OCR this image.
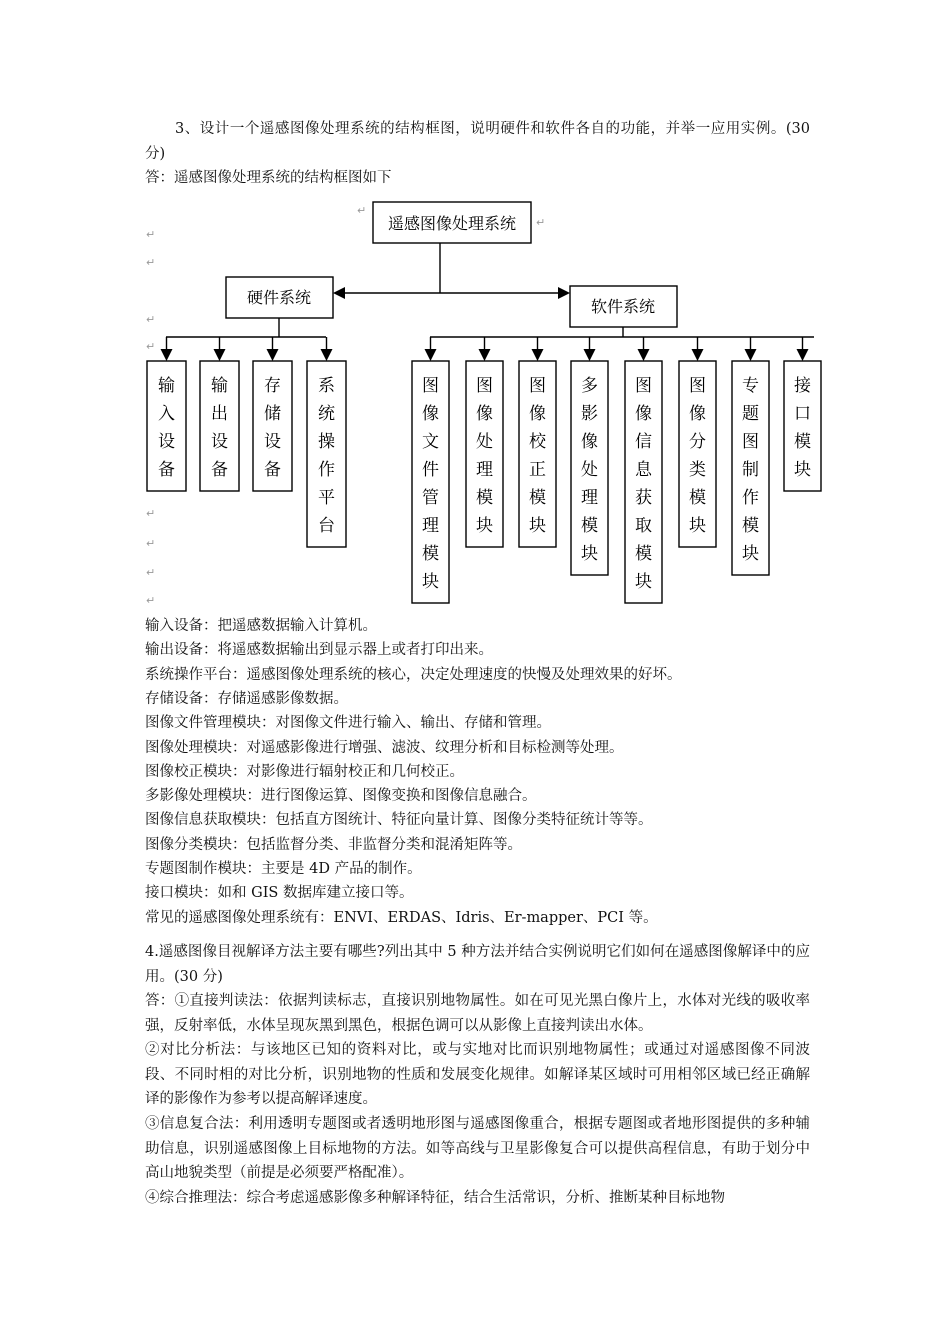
3、设计一个遥感图像处理系统的结构框图，说明硬件和软件各自的功能，并举一应用实例。(30 分)

答：遥感图像处理系统的结构框图如下

↵
↵
↵
↵
↵
↵
↵
↵
遥感图像处理系统
↵
↵
硬件系统	软件系统
输入设备
输出设备
存储设备
系统操作平台
图像文件管理模块
图像处理模块
图像校正模块
多影像处理模块
图像信息获取模块
图像分类模块
专题图制作模块
接口模块

输入设备：把遥感数据输入计算机。

输出设备：将遥感数据输出到显示器上或者打印出来。

系统操作平台：遥感图像处理系统的核心，决定处理速度的快慢及处理效果的好坏。

存储设备：存储遥感影像数据。

图像文件管理模块：对图像文件进行输入、输出、存储和管理。

图像处理模块：对遥感影像进行增强、滤波、纹理分析和目标检测等处理。

图像校正模块：对影像进行辐射校正和几何校正。

多影像处理模块：进行图像运算、图像变换和图像信息融合。

图像信息获取模块：包括直方图统计、特征向量计算、图像分类特征统计等等。

图像分类模块：包括监督分类、非监督分类和混淆矩阵等。

专题图制作模块：主要是 4D 产品的制作。

接口模块：如和 GIS 数据库建立接口等。

常见的遥感图像处理系统有：ENVI、ERDAS、Idris、Er-mapper、PCI 等。

4.遥感图像目视解译方法主要有哪些?列出其中 5 种方法并结合实例说明它们如何在遥感图像解译中的应用。(30 分)

答：①直接判读法：依据判读标志，直接识别地物属性。如在可见光黑白像片上，水体对光线的吸收率强，反射率低，水体呈现灰黑到黑色，根据色调可以从影像上直接判读出水体。

②对比分析法：与该地区已知的资料对比，或与实地对比而识别地物属性；或通过对遥感图像不同波段、不同时相的对比分析，识别地物的性质和发展变化规律。如解译某区域时可用相邻区域已经正确解译的影像作为参考以提高解译速度。

③信息复合法：利用透明专题图或者透明地形图与遥感图像重合，根据专题图或者地形图提供的多种辅助信息，识别遥感图像上目标地物的方法。如等高线与卫星影像复合可以提供高程信息，有助于划分中高山地貌类型（前提是必须要严格配准）。

④综合推理法：综合考虑遥感影像多种解译特征，结合生活常识，分析、推断某种目标地物
